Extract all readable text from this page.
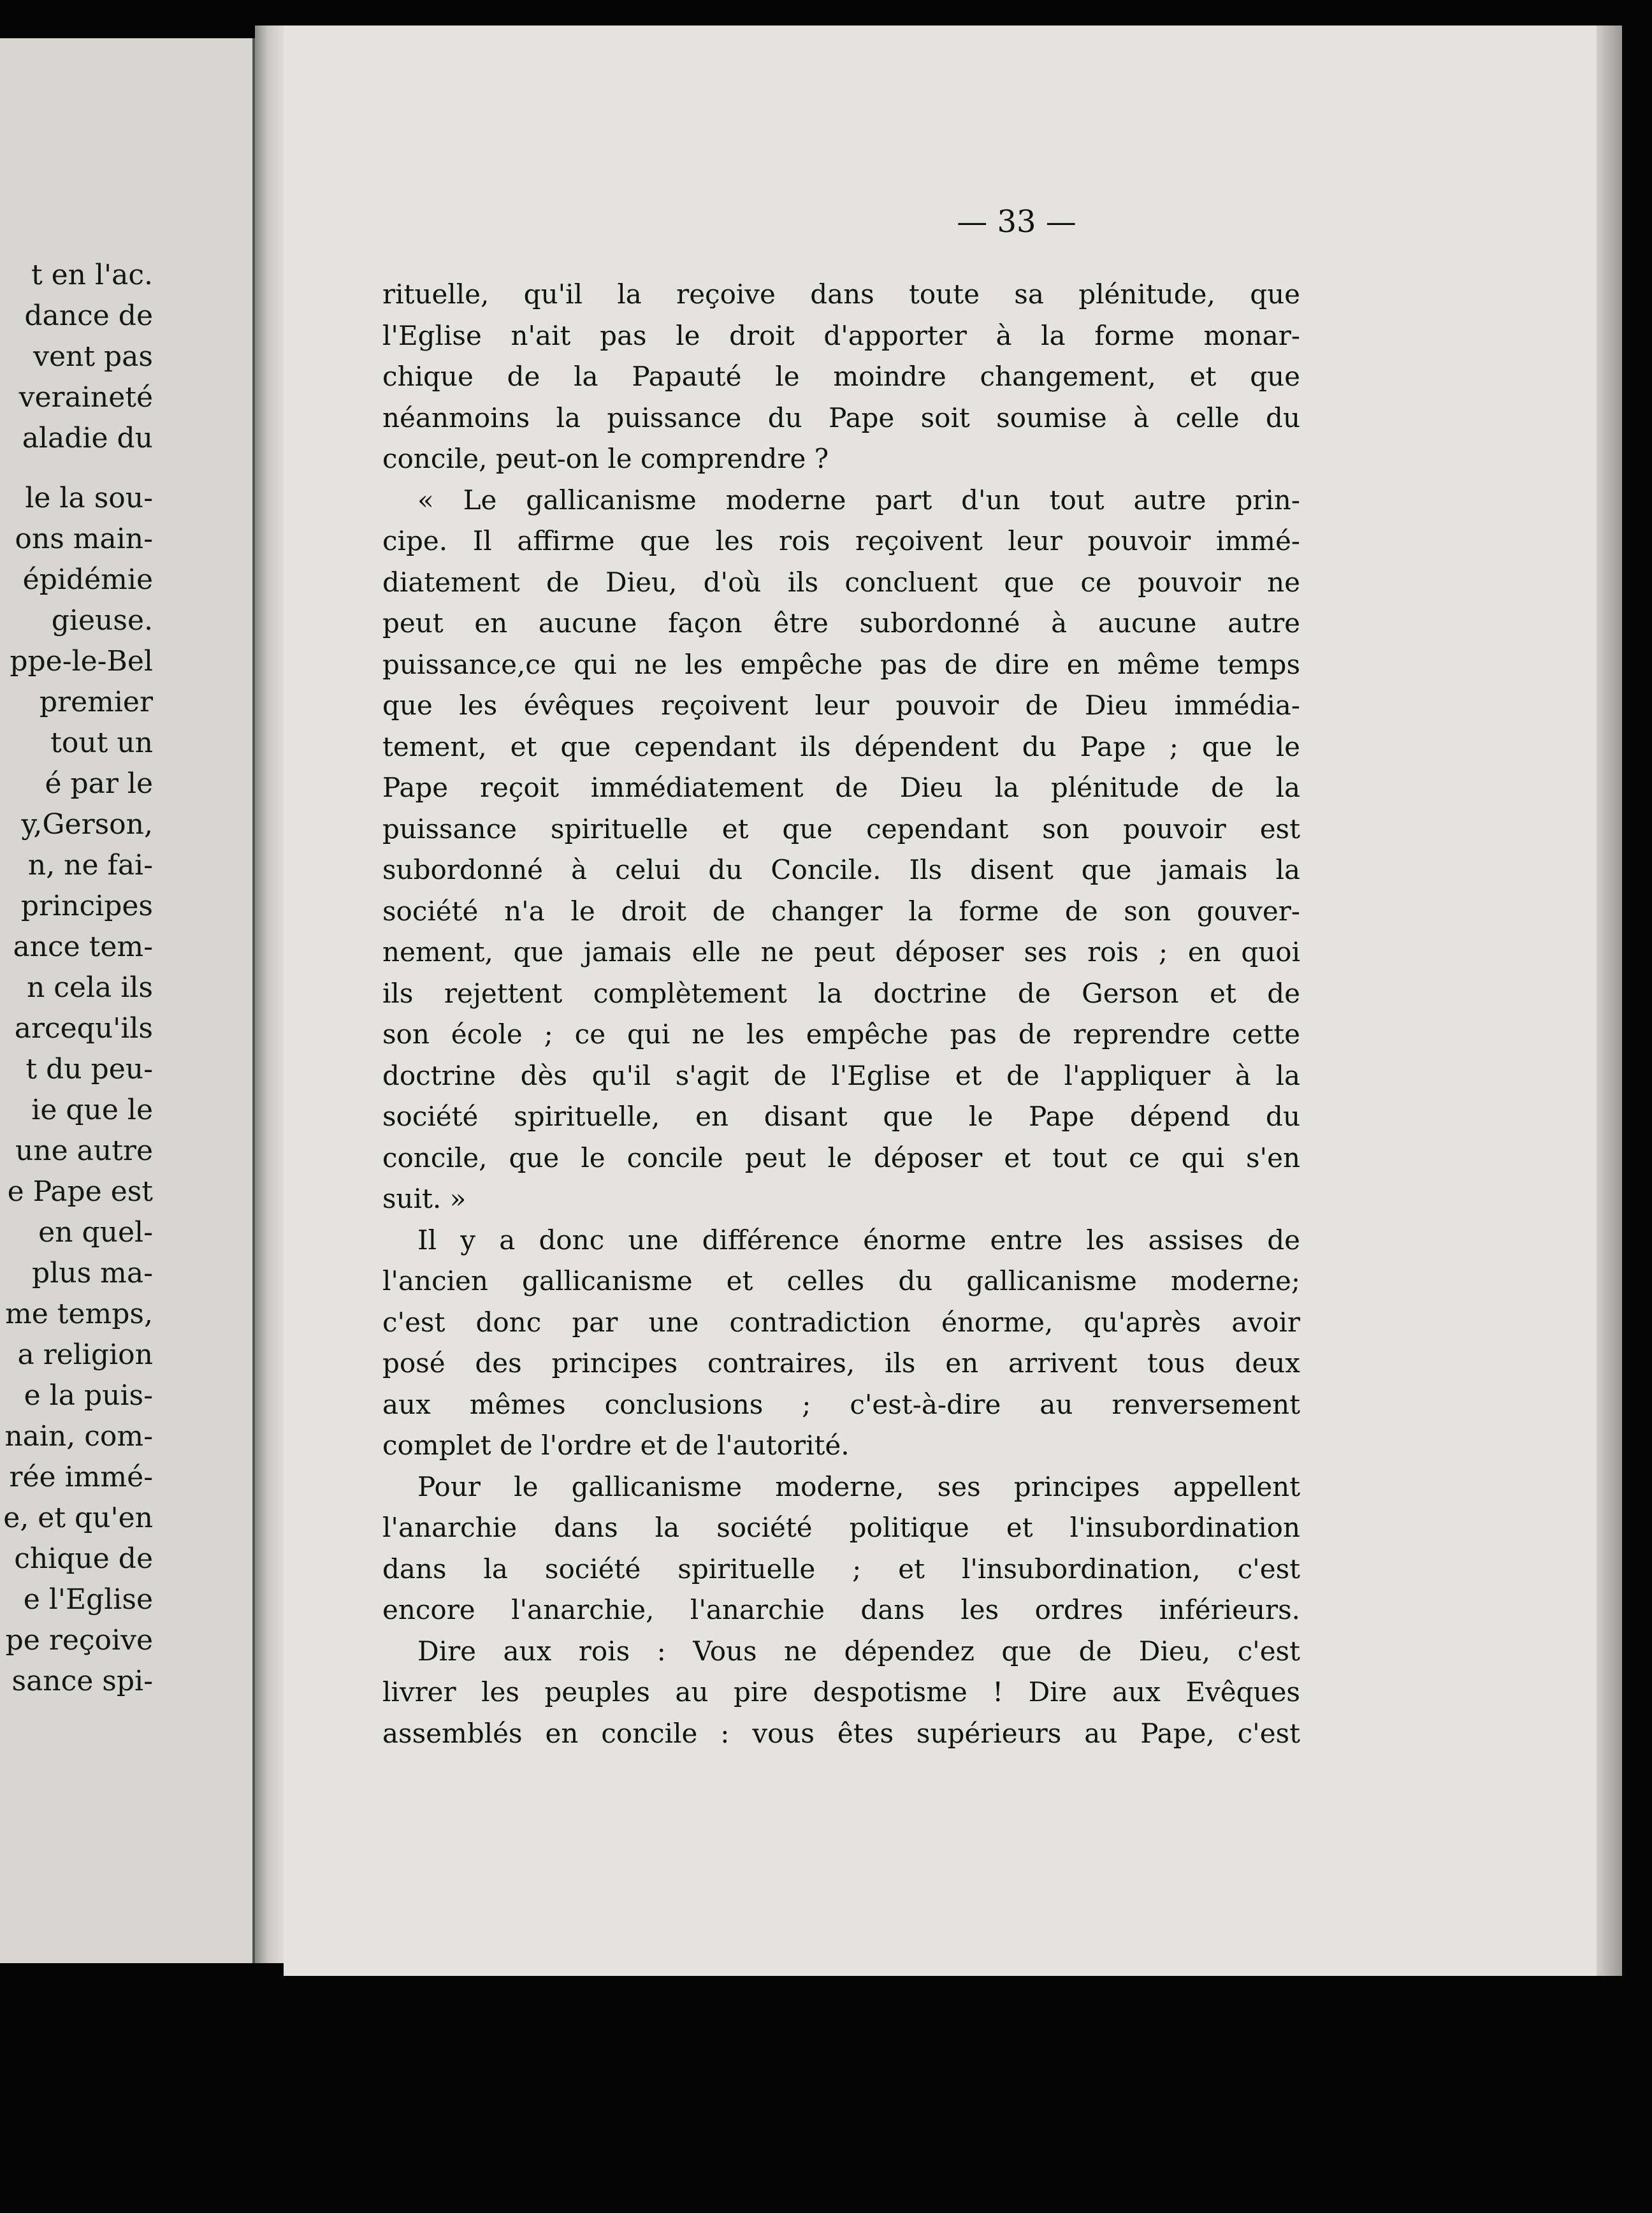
t en l'ac.
dance de
vent pas
veraineté
aladie du
le la sou-
ons main-
épidémie
gieuse.
ppe-le-Bel
premier
tout un
é par le
y,Gerson,
n, ne fai-
principes
ance tem-
n cela ils
arcequ'ils
t du peu-
ie que le
une autre
e Pape est
en quel-
plus ma-
me temps,
a religion
e la puis-
nain, com-
rée immé-
e, et qu'en
chique de
e l'Eglise
pe reçoive
sance spi-
— 33 —
rituelle, qu'il la reçoive dans toute sa plénitude, que
l'Eglise n'ait pas le droit d'apporter à la forme monar-
chique de la Papauté le moindre changement, et que
néanmoins la puissance du Pape soit soumise à celle du
concile, peut-on le comprendre ?
« Le gallicanisme moderne part d'un tout autre prin-
cipe. Il affirme que les rois reçoivent leur pouvoir immé-
diatement de Dieu, d'où ils concluent que ce pouvoir ne
peut en aucune façon être subordonné à aucune autre
puissance,ce qui ne les empêche pas de dire en même temps
que les évêques reçoivent leur pouvoir de Dieu immédia-
tement, et que cependant ils dépendent du Pape ; que le
Pape reçoit immédiatement de Dieu la plénitude de la
puissance spirituelle et que cependant son pouvoir est
subordonné à celui du Concile. Ils disent que jamais la
société n'a le droit de changer la forme de son gouver-
nement, que jamais elle ne peut déposer ses rois ; en quoi
ils rejettent complètement la doctrine de Gerson et de
son école ; ce qui ne les empêche pas de reprendre cette
doctrine dès qu'il s'agit de l'Eglise et de l'appliquer à la
société spirituelle, en disant que le Pape dépend du
concile, que le concile peut le déposer et tout ce qui s'en
suit. »
Il y a donc une différence énorme entre les assises de
l'ancien gallicanisme et celles du gallicanisme moderne;
c'est donc par une contradiction énorme, qu'après avoir
posé des principes contraires, ils en arrivent tous deux
aux mêmes conclusions ; c'est-à-dire au renversement
complet de l'ordre et de l'autorité.
Pour le gallicanisme moderne, ses principes appellent
l'anarchie dans la société politique et l'insubordination
dans la société spirituelle ; et l'insubordination, c'est
encore l'anarchie, l'anarchie dans les ordres inférieurs.
Dire aux rois : Vous ne dépendez que de Dieu, c'est
livrer les peuples au pire despotisme ! Dire aux Evêques
assemblés en concile : vous êtes supérieurs au Pape, c'est
